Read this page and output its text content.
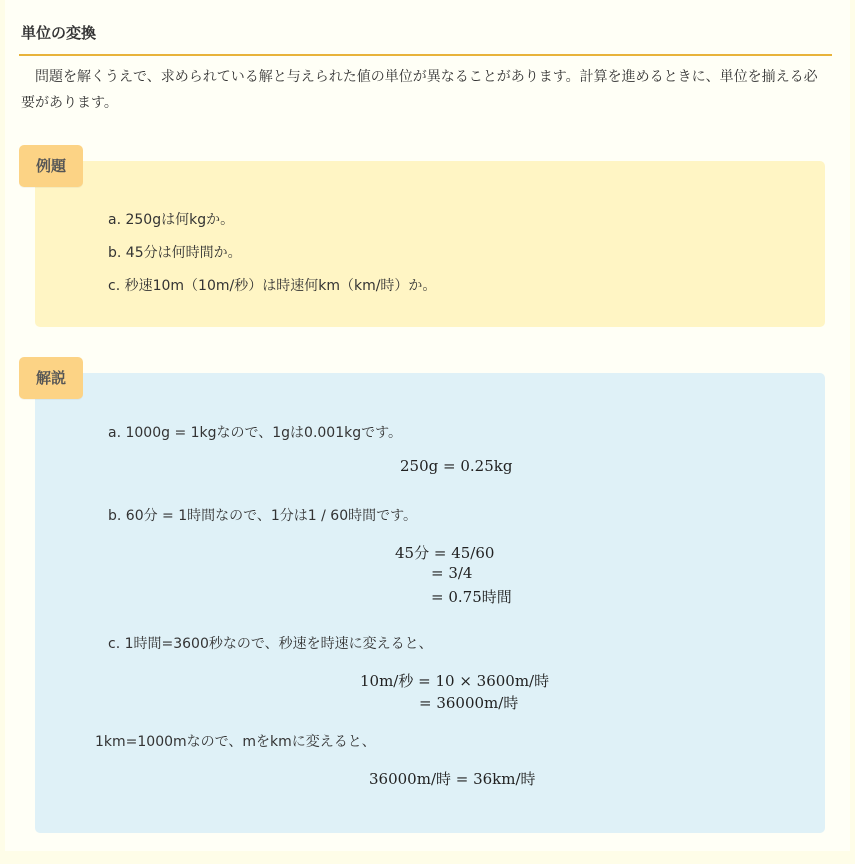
単位の変換
　問題を解くうえで、求められている解と与えられた値の単位が異なることがあります。計算を進めるときに、単位を揃える必要があります。
a. 250gは何kgか。
b. 45分は何時間か。
c. 秒速10m（10m/秒）は時速何km（km/時）か。
例題
a. 1000g = 1kgなので、1gは0.001kgです。
250g = 0.25kg
b. 60分 = 1時間なので、1分は1 / 60時間です。
45分 = 45/60
= 3/4
= 0.75時間
c. 1時間=3600秒なので、秒速を時速に変えると、
10m/秒 = 10 × 3600m/時
= 36000m/時
1km=1000mなので、mをkmに変えると、
36000m/時 = 36km/時
解説
